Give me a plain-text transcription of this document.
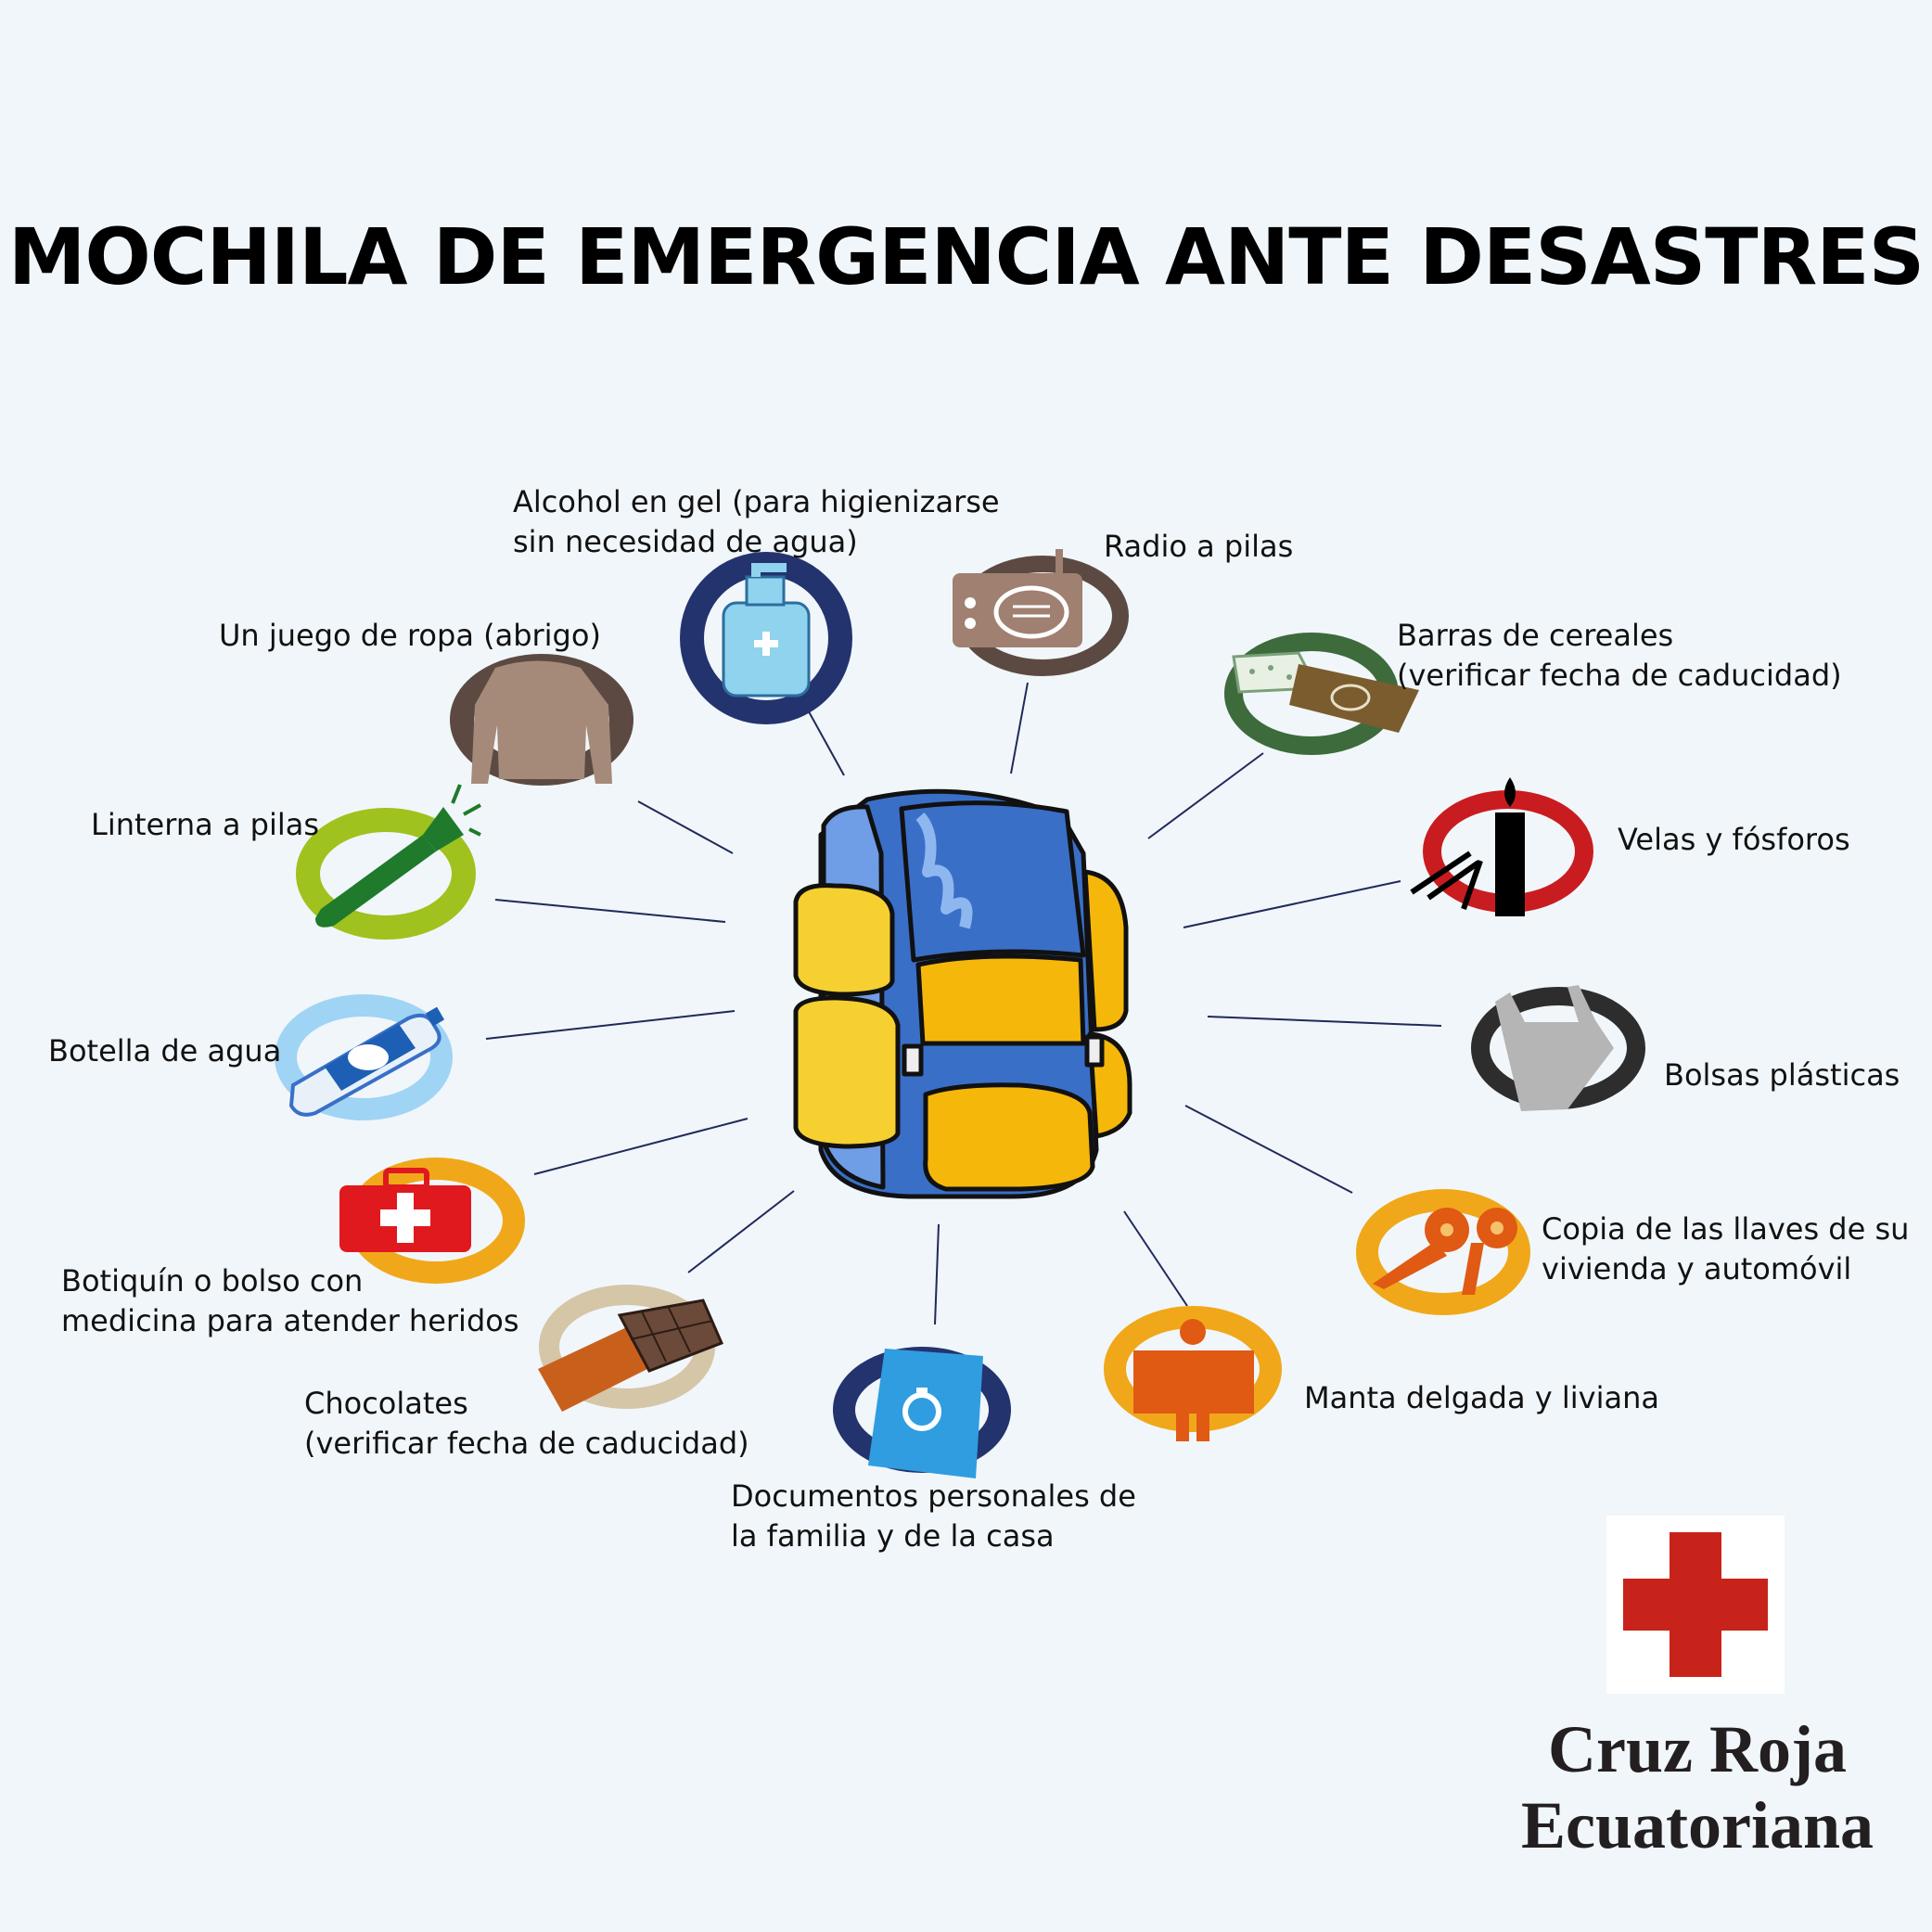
MOCHILA DE EMERGENCIA ANTE DESASTRES
Alcohol en gel (para higienizarse
sin necesidad de agua)	Radio a pilas
Un juego de ropa (abrigo)	Barras de cereales
(verificar fecha de caducidad)
Linterna a pilas	Velas y fósforos
Botella de agua
Bolsas plásticas
Botiquín o bolso con
medicina para atender heridos
Copia de las llaves de su
vivienda y automóvil
Chocolates
(verificar fecha de caducidad)
Manta delgada y liviana
Documentos personales de
la familia y de la casa
Cruz Roja
Ecuatoriana
